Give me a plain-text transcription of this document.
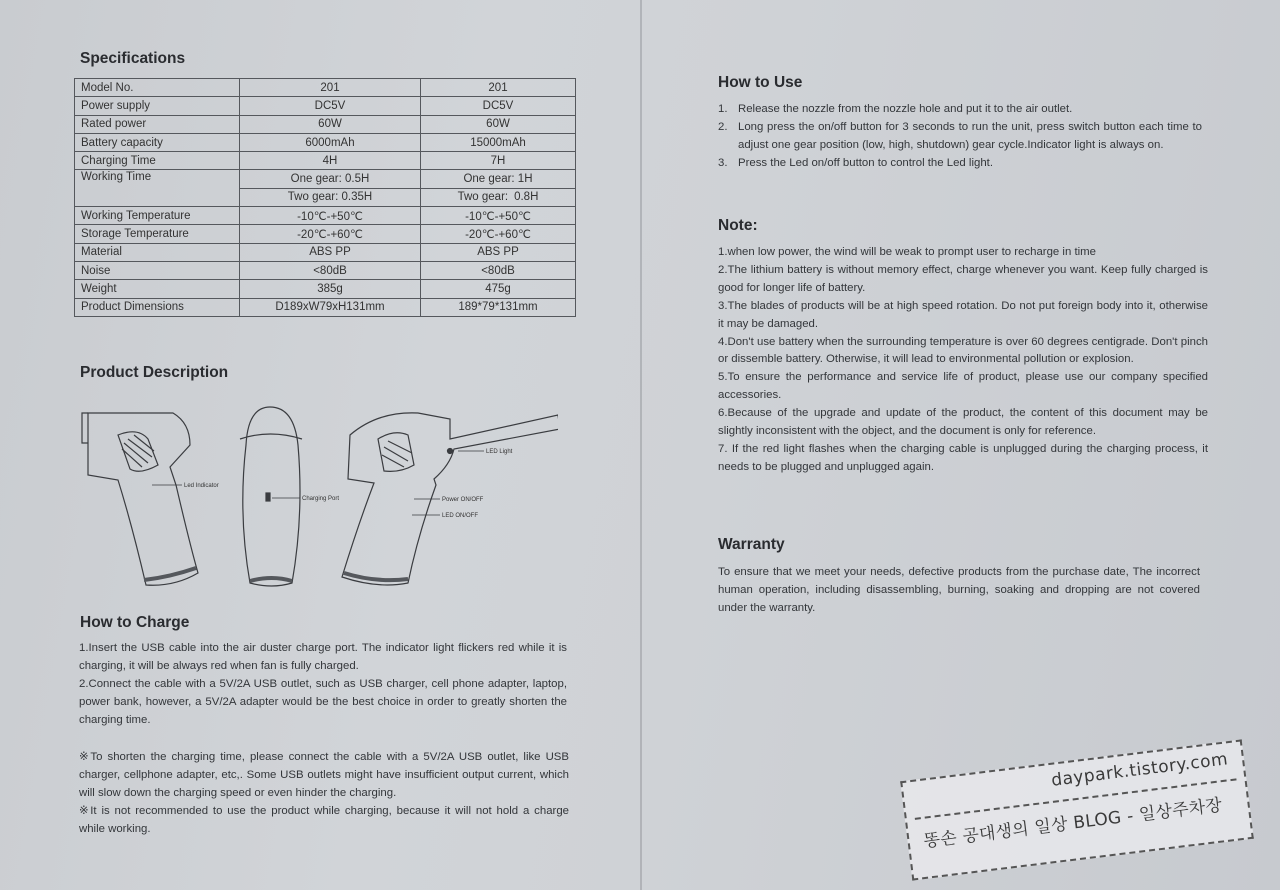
Specifications
Model No.	201	201
Power supply	DC5V	DC5V
Rated power	60W	60W
Battery capacity	6000mAh	15000mAh
Charging Time	4H	7H
Working Time	One gear: 0.5H	One gear: 1H
	Two gear: 0.35H	Two gear: 0.8H

Working Temperature	-10℃-+50℃	-10℃-+50℃
Storage Temperature	-20℃-+60℃	-20℃-+60℃
Material	ABS PP	ABS PP
Noise	<80dB	<80dB
Weight	385g	475g
Product Dimensions	D189xW79xH131mm	189*79*131mm
Product Description
Led Indicator
Charging Port
LED Light
Power ON/OFF
LED ON/OFF
How to Charge

1.Insert the USB cable into the air duster charge port. The indicator light flickers red while it is charging, it will be always red when fan is fully charged.

2.Connect the cable with a 5V/2A USB outlet, such as USB charger, cell phone adapter, laptop, power bank, however, a 5V/2A adapter would be the best choice in order to greatly shorten the charging time.

※To shorten the charging time, please connect the cable with a 5V/2A USB outlet, like USB charger, cellphone adapter, etc,. Some USB outlets might have insufficient output current, which will slow down the charging speed or even hinder the charging.

※It is not recommended to use the product while charging, because it will not hold a charge while working.

How to Use
1. Release the nozzle from the nozzle hole and put it to the air outlet.
2. Long press the on/off button for 3 seconds to run the unit, press switch button each time to adjust one gear position (low, high, shutdown) gear cycle.Indicator light is always on.
3. Press the Led on/off button to control the Led light.
Note:

1.when low power, the wind will be weak to prompt user to recharge in time

2.The lithium battery is without memory effect, charge whenever you want. Keep fully charged is good for longer life of battery.

3.The blades of products will be at high speed rotation. Do not put foreign body into it, otherwise it may be damaged.

4.Don't use battery when the surrounding temperature is over 60 degrees centigrade. Don't pinch or dissemble battery. Otherwise, it will lead to environmental pollution or explosion.

5.To ensure the performance and service life of product, please use our company specified accessories.

6.Because of the upgrade and update of the product, the content of this document may be slightly inconsistent with the object, and the document is only for reference.

7. If the red light flashes when the charging cable is unplugged during the charging process, it needs to be plugged and unplugged again.

Warranty
To ensure that we meet your needs, defective products from the purchase date, The incorrect human operation, including disassembling, burning, soaking and dropping are not covered under the warranty.
daypark.tistory.com
똥손 공대생의 일상 BLOG - 일상주차장
